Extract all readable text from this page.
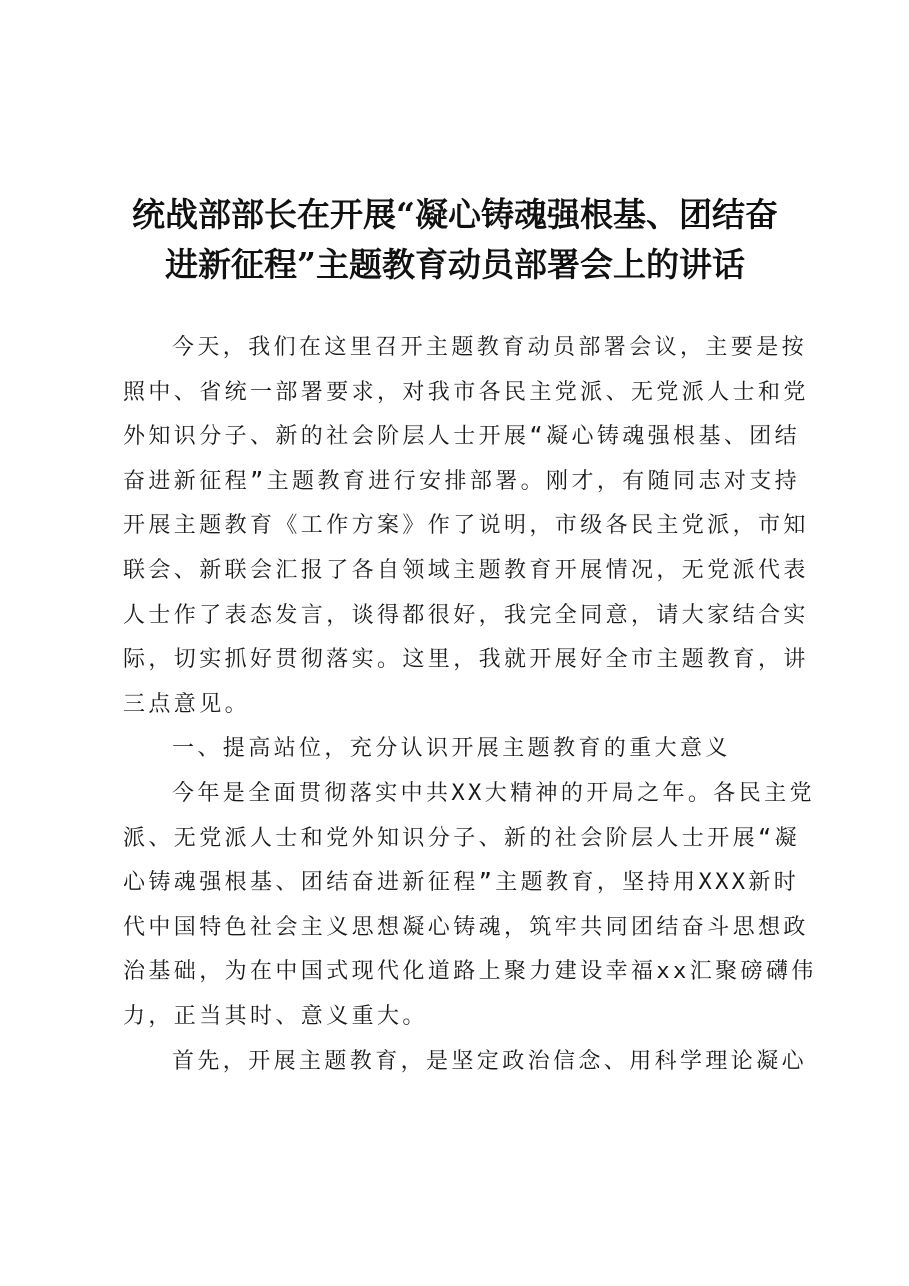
统战部部长在开展“凝心铸魂强根基、团结奋
进新征程”主题教育动员部署会上的讲话
今天，我们在这里召开主题教育动员部署会议，主要是按
照中、省统一部署要求，对我市各民主党派、无党派人士和党
外知识分子、新的社会阶层人士开展“凝心铸魂强根基、团结
奋进新征程”主题教育进行安排部署。刚才，有随同志对支持
开展主题教育《工作方案》作了说明，市级各民主党派，市知
联会、新联会汇报了各自领域主题教育开展情况，无党派代表
人士作了表态发言，谈得都很好，我完全同意，请大家结合实
际，切实抓好贯彻落实。这里，我就开展好全市主题教育，讲
三点意见。
一、提高站位，充分认识开展主题教育的重大意义
今年是全面贯彻落实中共XX大精神的开局之年。各民主党
派、无党派人士和党外知识分子、新的社会阶层人士开展“凝
心铸魂强根基、团结奋进新征程”主题教育，坚持用XXX新时
代中国特色社会主义思想凝心铸魂，筑牢共同团结奋斗思想政
治基础，为在中国式现代化道路上聚力建设幸福xx汇聚磅礴伟
力，正当其时、意义重大。
首先，开展主题教育，是坚定政治信念、用科学理论凝心
